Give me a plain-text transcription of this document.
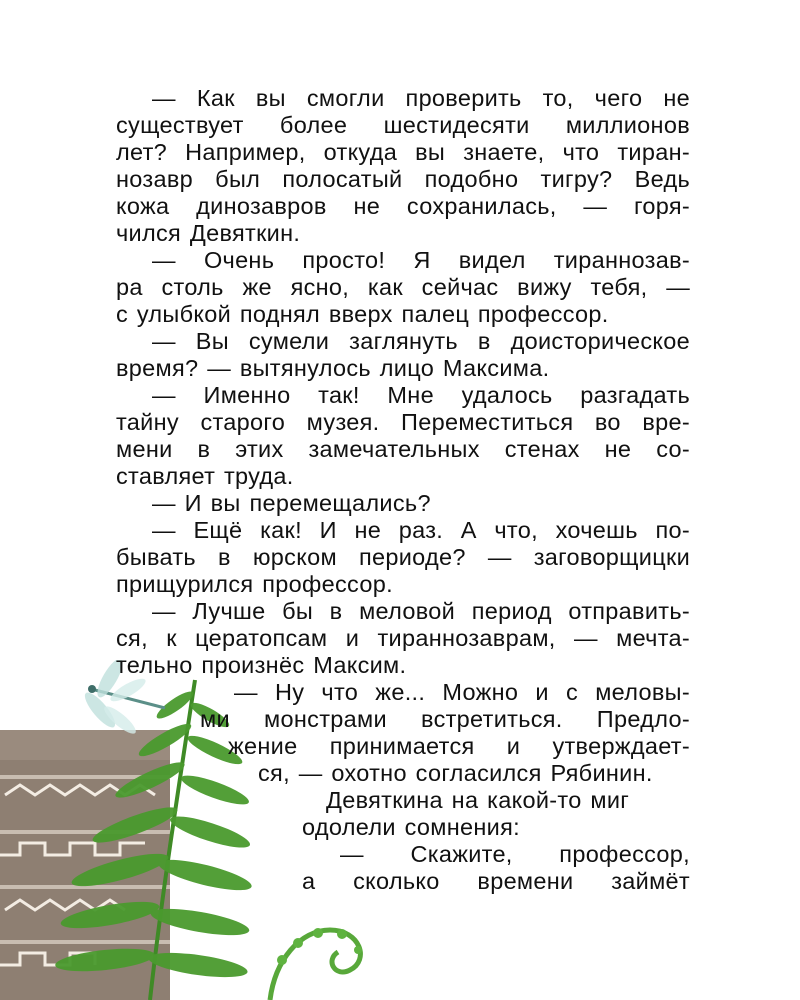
— Как вы смогли проверить то, чего не
существует более шестидесяти миллионов
лет? Например, откуда вы знаете, что тиран-
нозавр был полосатый подобно тигру? Ведь
кожа динозавров не сохранилась, — горя-
чился Девяткин.
— Очень просто! Я видел тираннозав-
ра столь же ясно, как сейчас вижу тебя, —
с улыбкой поднял вверх палец профессор.
— Вы сумели заглянуть в доисторическое
время? — вытянулось лицо Максима.
— Именно так! Мне удалось разгадать
тайну старого музея. Переместиться во вре-
мени в этих замечательных стенах не со-
ставляет труда.
— И вы перемещались?
— Ещё как! И не раз. А что, хочешь по-
бывать в юрском периоде? — заговорщицки
прищурился профессор.
— Лучше бы в меловой период отправить-
ся, к цератопсам и тираннозаврам, — мечта-
тельно произнёс Максим.
— Ну что же... Можно и с меловы-
ми монстрами встретиться. Предло-
жение принимается и утверждает-
ся, — охотно согласился Рябинин.
Девяткина на какой-то миг
одолели сомнения:
— Скажите, профессор,
а сколько времени займёт
